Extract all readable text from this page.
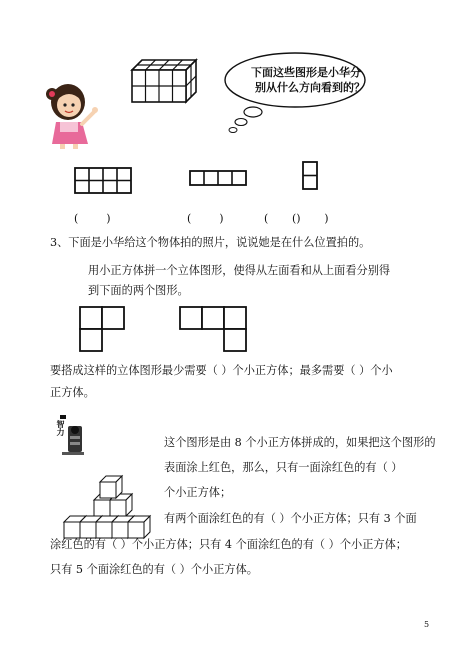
下面这些图形是小华分
别从什么方向看到的？
(        )	(        )	(        )
(        )
3、下面是小华给这个物体拍的照片，说说她是在什么位置拍的。
用小正方体拼一个立体图形，使得从左面看和从上面看分别得
到下面的两个图形。
要搭成这样的立体图形最少需要（ ）个小正方体；最多需要（ ）个小
正方体。
智力
这个图形是由 8 个小正方体拼成的，如果把这个图形的
表面涂上红色，那么，只有一面涂红色的有（ ）
个小正方体；
有两个面涂红色的有（ ）个小正方体；只有 3 个面
涂红色的有（ ）个小正方体；只有 4 个面涂红色的有（ ）个小正方体；
只有 5 个面涂红色的有（ ）个小正方体。
5
